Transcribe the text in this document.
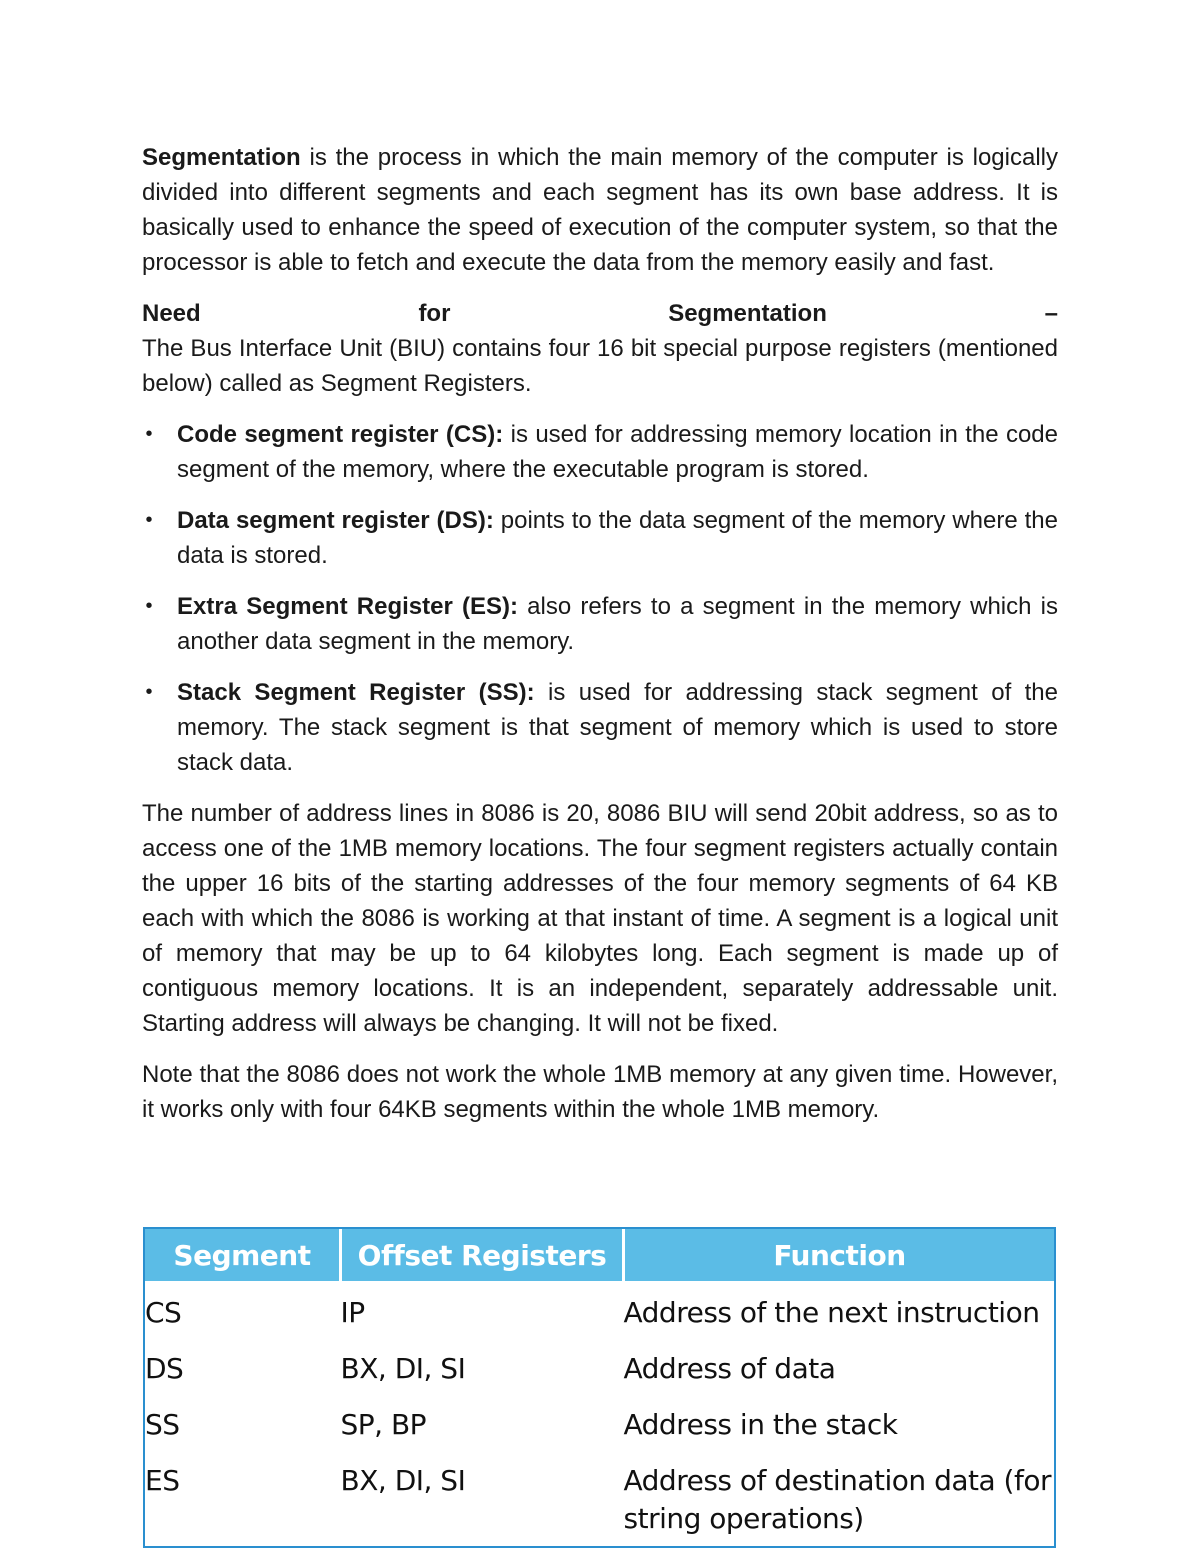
Segmentation is the process in which the main memory of the computer is logically divided into different segments and each segment has its own base address. It is basically used to enhance the speed of execution of the computer system, so that the processor is able to fetch and execute the data from the memory easily and fast.

Need	for	Segmentation	–

The Bus Interface Unit (BIU) contains four 16 bit special purpose registers (mentioned below) called as Segment Registers.

• Code segment register (CS): is used for addressing memory location in the code segment of the memory, where the executable program is stored.
• Data segment register (DS): points to the data segment of the memory where the data is stored.
• Extra Segment Register (ES): also refers to a segment in the memory which is another data segment in the memory.
• Stack Segment Register (SS): is used for addressing stack segment of the memory. The stack segment is that segment of memory which is used to store stack data.

The number of address lines in 8086 is 20, 8086 BIU will send 20bit address, so as to access one of the 1MB memory locations. The four segment registers actually contain the upper 16 bits of the starting addresses of the four memory segments of 64 KB each with which the 8086 is working at that instant of time. A segment is a logical unit of memory that may be up to 64 kilobytes long. Each segment is made up of contiguous memory locations. It is an independent, separately addressable unit. Starting address will always be changing. It will not be fixed.

Note that the 8086 does not work the whole 1MB memory at any given time. However, it works only with four 64KB segments within the whole 1MB memory.

Segment	Offset Registers	Function
CS	IP	Address of the next instruction
DS	BX, DI, SI	Address of data
SS	SP, BP	Address in the stack
ES	BX, DI, SI	Address of destination data (for string operations)
